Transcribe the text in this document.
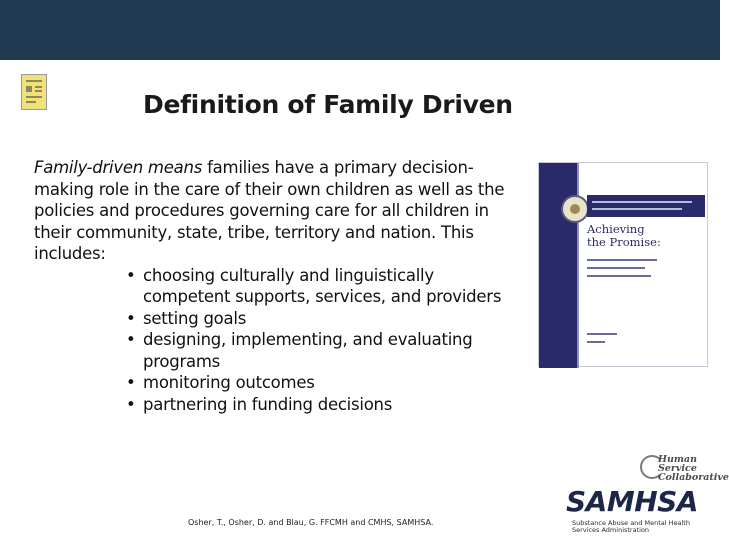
Definition of Family Driven

Family-driven means families have a primary decision-making role in the care of their own children as well as the policies and procedures governing care for all children in their community, state, tribe, territory and nation. This includes:

• choosing culturally and linguistically competent supports, services, and providers
• setting goals
• designing, implementing, and evaluating programs
• monitoring outcomes
• partnering in funding decisions
Achieving
the Promise:
Human
Service
Collaborative
SAMHSA
Substance Abuse and Mental Health Services Administration
Osher, T., Osher, D. and Blau, G. FFCMH and CMHS, SAMHSA.
